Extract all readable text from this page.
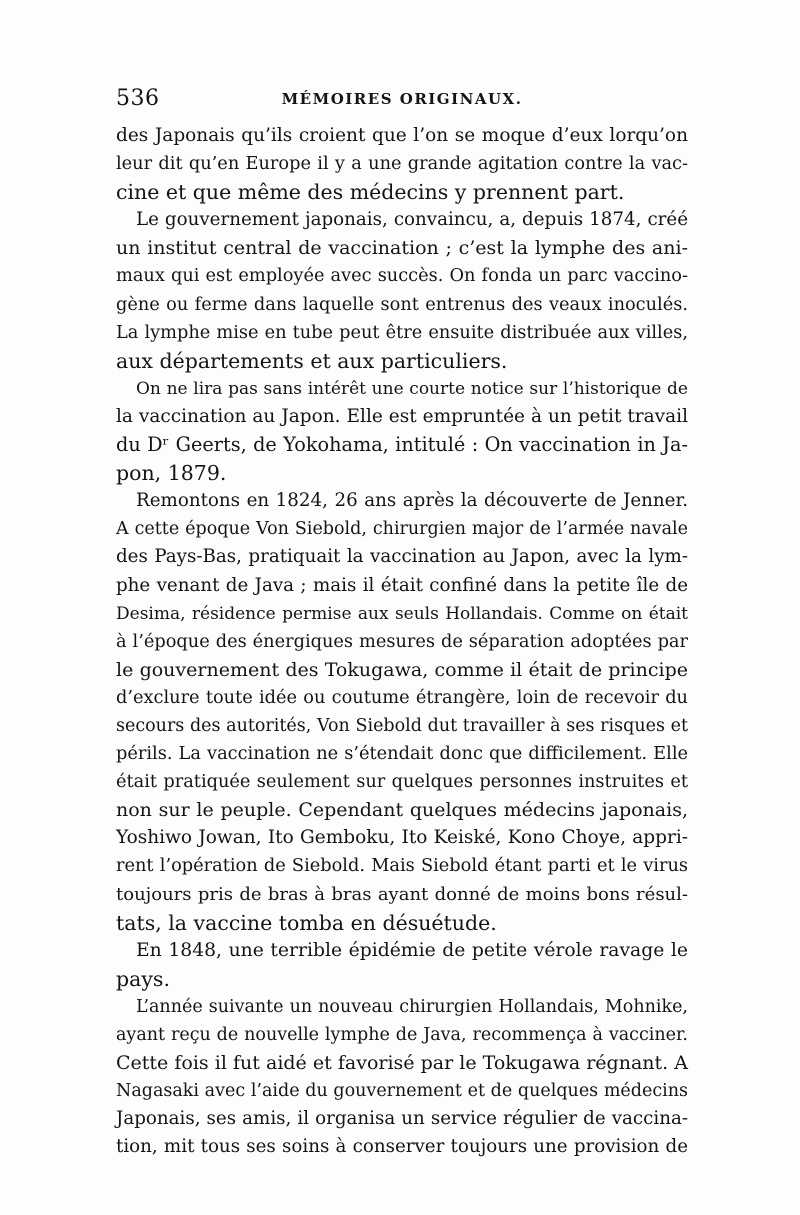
536	MÉMOIRES ORIGINAUX.
des Japonais qu’ils croient que l’on se moque d’eux lorqu’on
leur dit qu’en Europe il y a une grande agitation contre la vac-
cine et que même des médecins y prennent part.
Le gouvernement japonais, convaincu, a, depuis 1874, créé
un institut central de vaccination ; c’est la lymphe des ani-
maux qui est employée avec succès. On fonda un parc vaccino-
gène ou ferme dans laquelle sont entrenus des veaux inoculés.
La lymphe mise en tube peut être ensuite distribuée aux villes,
aux départements et aux particuliers.
On ne lira pas sans intérêt une courte notice sur l’historique de
la vaccination au Japon. Elle est empruntée à un petit travail
du Dʳ Geerts, de Yokohama, intitulé : On vaccination in Ja-
pon, 1879.
Remontons en 1824, 26 ans après la découverte de Jenner.
A cette époque Von Siebold, chirurgien major de l’armée navale
des Pays-Bas, pratiquait la vaccination au Japon, avec la lym-
phe venant de Java ; mais il était confiné dans la petite île de
Desima, résidence permise aux seuls Hollandais. Comme on était
à l’époque des énergiques mesures de séparation adoptées par
le gouvernement des Tokugawa, comme il était de principe
d’exclure toute idée ou coutume étrangère, loin de recevoir du
secours des autorités, Von Siebold dut travailler à ses risques et
périls. La vaccination ne s’étendait donc que difficilement. Elle
était pratiquée seulement sur quelques personnes instruites et
non sur le peuple. Cependant quelques médecins japonais,
Yoshiwo Jowan, Ito Gemboku, Ito Keiské, Kono Choye, appri-
rent l’opération de Siebold. Mais Siebold étant parti et le virus
toujours pris de bras à bras ayant donné de moins bons résul-
tats, la vaccine tomba en désuétude.
En 1848, une terrible épidémie de petite vérole ravage le
pays.
L’année suivante un nouveau chirurgien Hollandais, Mohnike,
ayant reçu de nouvelle lymphe de Java, recommença à vacciner.
Cette fois il fut aidé et favorisé par le Tokugawa régnant. A
Nagasaki avec l’aide du gouvernement et de quelques médecins
Japonais, ses amis, il organisa un service régulier de vaccina-
tion, mit tous ses soins à conserver toujours une provision de
